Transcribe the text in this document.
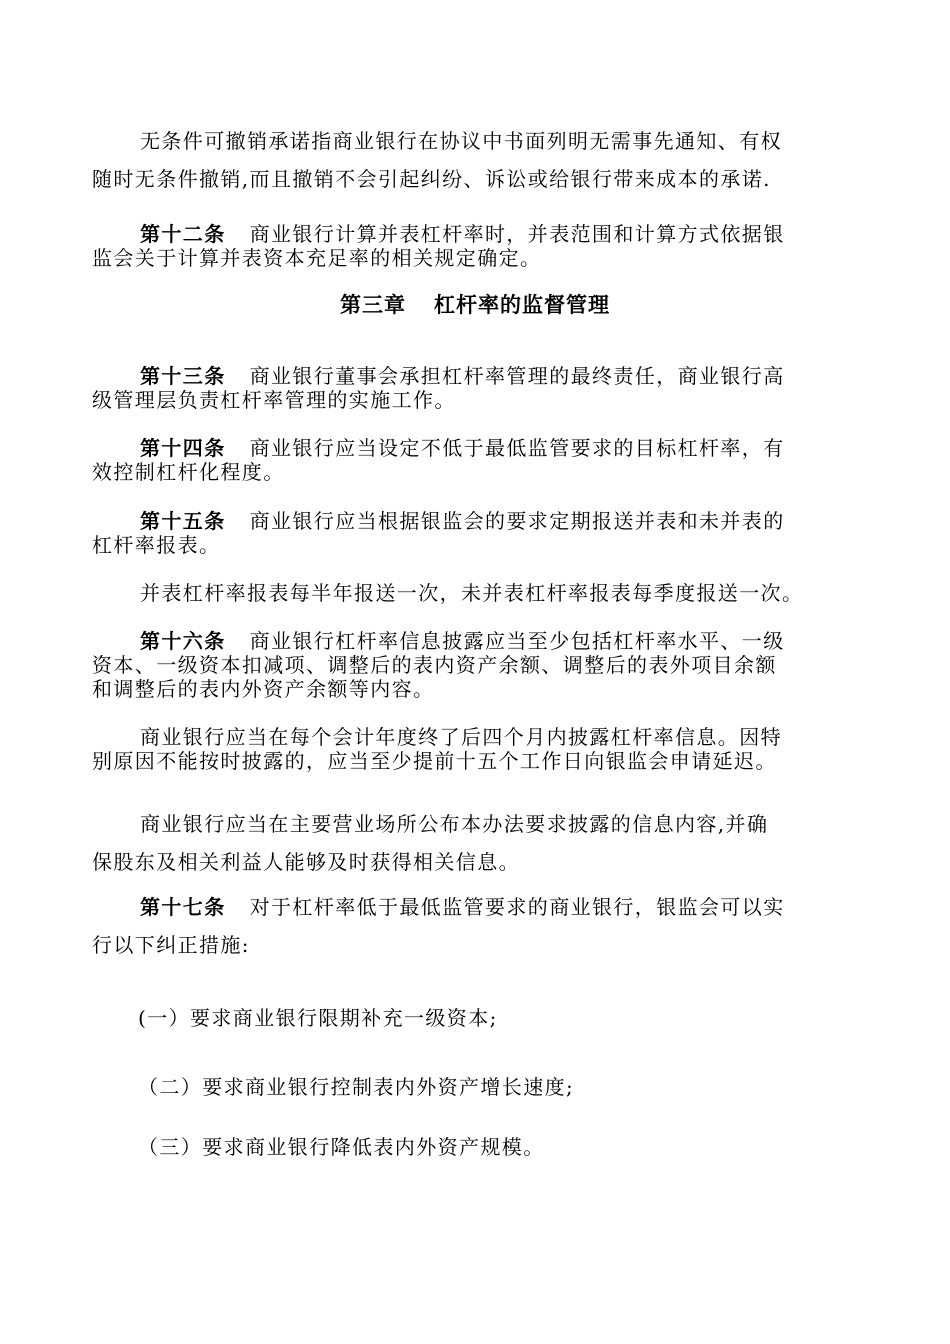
无条件可撤销承诺指商业银行在协议中书面列明无需事先通知、有权

随时无条件撤销,而且撤销不会引起纠纷、诉讼或给银行带来成本的承诺.

第十二条 商业银行计算并表杠杆率时，并表范围和计算方式依据银

监会关于计算并表资本充足率的相关规定确定。

第三章 杠杆率的监督管理

第十三条 商业银行董事会承担杠杆率管理的最终责任，商业银行高

级管理层负责杠杆率管理的实施工作。

第十四条 商业银行应当设定不低于最低监管要求的目标杠杆率，有

效控制杠杆化程度。

第十五条 商业银行应当根据银监会的要求定期报送并表和未并表的

杠杆率报表。

并表杠杆率报表每半年报送一次，未并表杠杆率报表每季度报送一次。

第十六条 商业银行杠杆率信息披露应当至少包括杠杆率水平、一级

资本、一级资本扣减项、调整后的表内资产余额、调整后的表外项目余额

和调整后的表内外资产余额等内容。

商业银行应当在每个会计年度终了后四个月内披露杠杆率信息。因特

别原因不能按时披露的，应当至少提前十五个工作日向银监会申请延迟。

商业银行应当在主要营业场所公布本办法要求披露的信息内容,并确

保股东及相关利益人能够及时获得相关信息。

第十七条 对于杠杆率低于最低监管要求的商业银行，银监会可以实

行以下纠正措施:

(一）要求商业银行限期补充一级资本;
（二）要求商业银行控制表内外资产增长速度;
（三）要求商业银行降低表内外资产规模。
